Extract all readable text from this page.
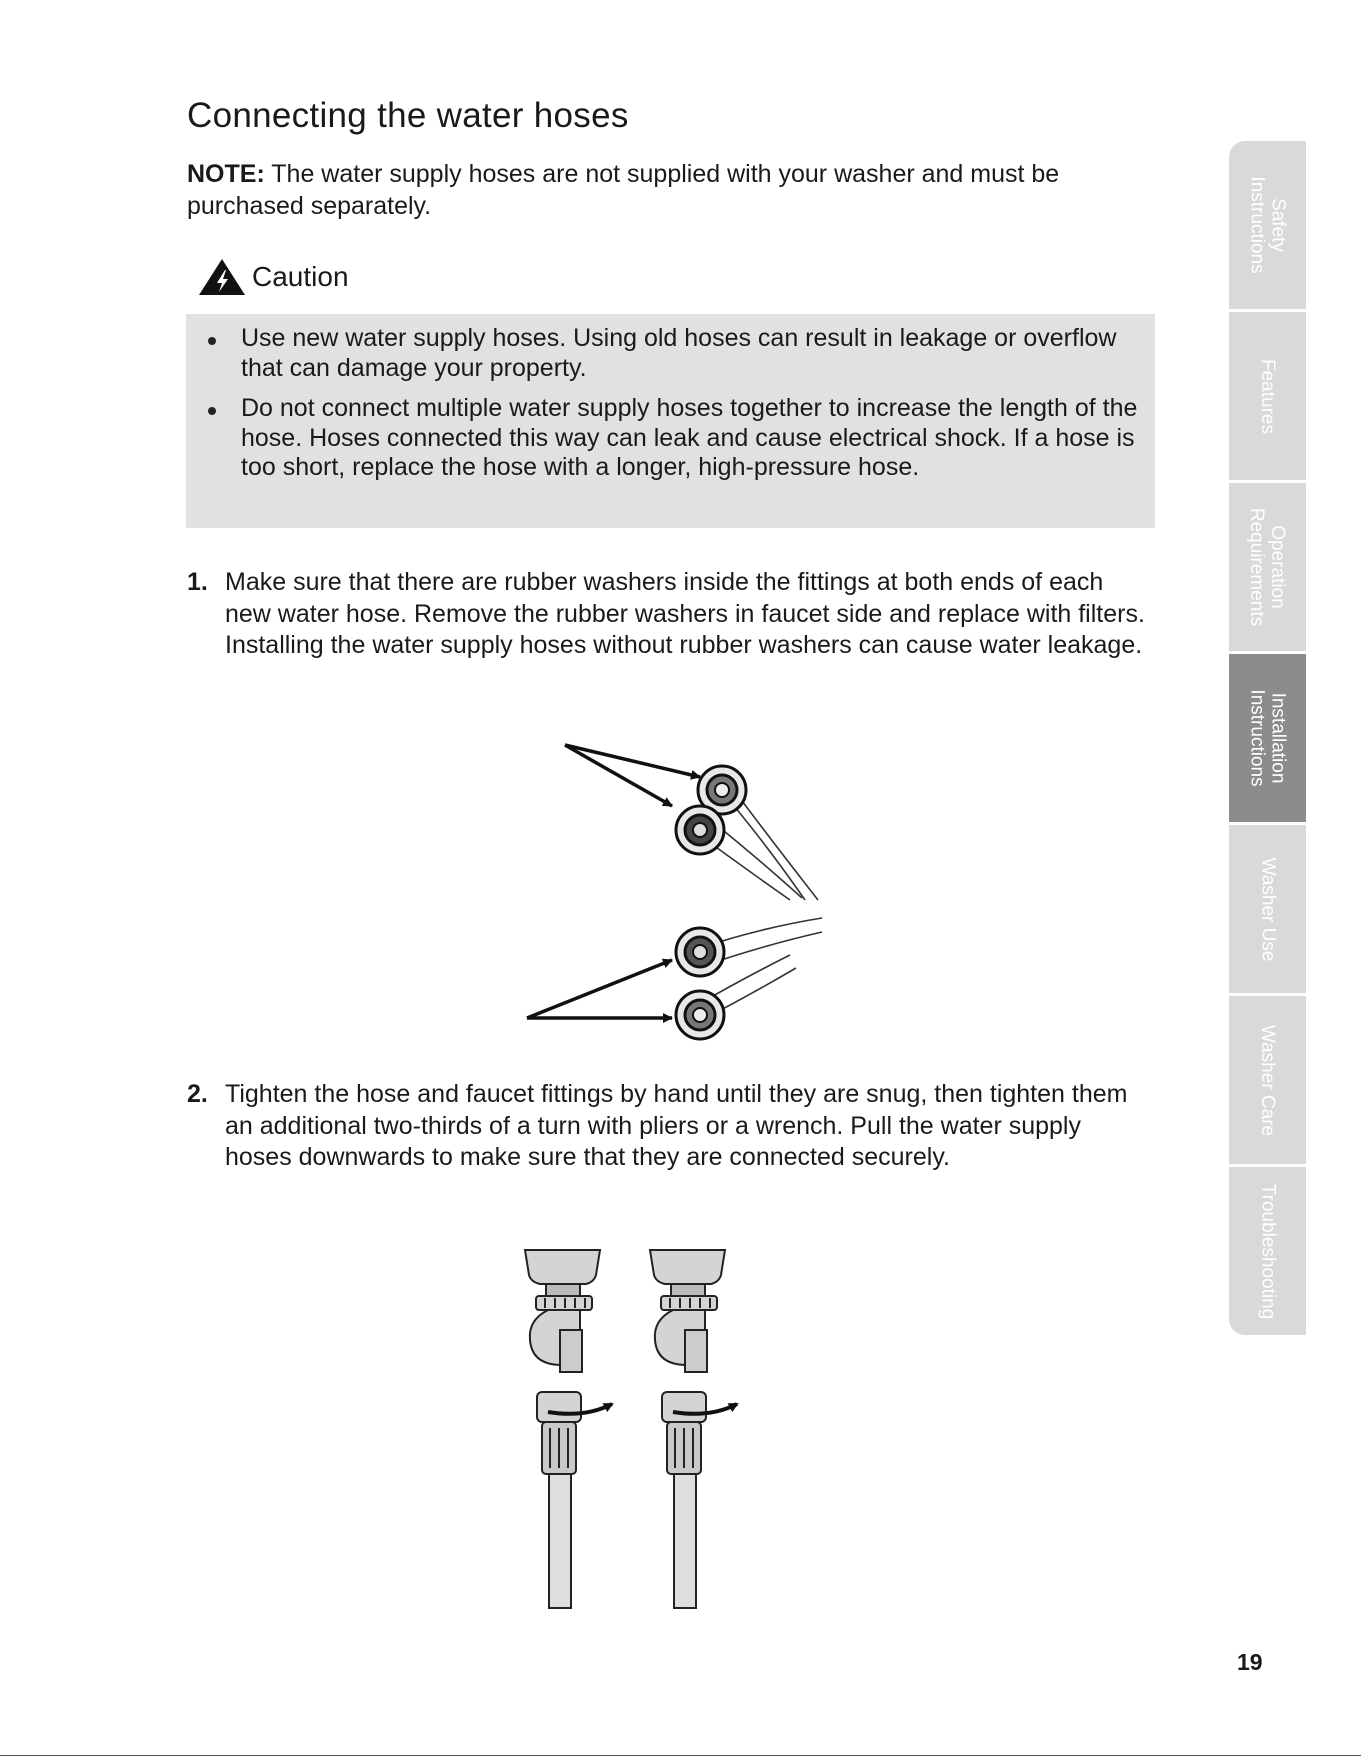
Connecting the water hoses

NOTE: The water supply hoses are not supplied with your washer and must be purchased separately.

Caution
Use new water supply hoses. Using old hoses can result in leakage or overflow that can damage your property.
Do not connect multiple water supply hoses together to increase the length of the hose. Hoses connected this way can leak and cause electrical shock. If a hose is too short, replace the hose with a longer, high-pressure hose.
1. Make sure that there are rubber washers inside the fittings at both ends of each new water hose. Remove the rubber washers in faucet side and replace with filters. Installing the water supply hoses without rubber washers can cause water leakage.
2. Tighten the hose and faucet fittings by hand until they are snug, then tighten them an additional two-thirds of a turn with pliers or a wrench. Pull the water supply hoses downwards to make sure that they are connected securely.
Safety
Instructions
Features
Operation
Requirements
Installation
Instructions
Washer Use
Washer Care
Troubleshooting
19
